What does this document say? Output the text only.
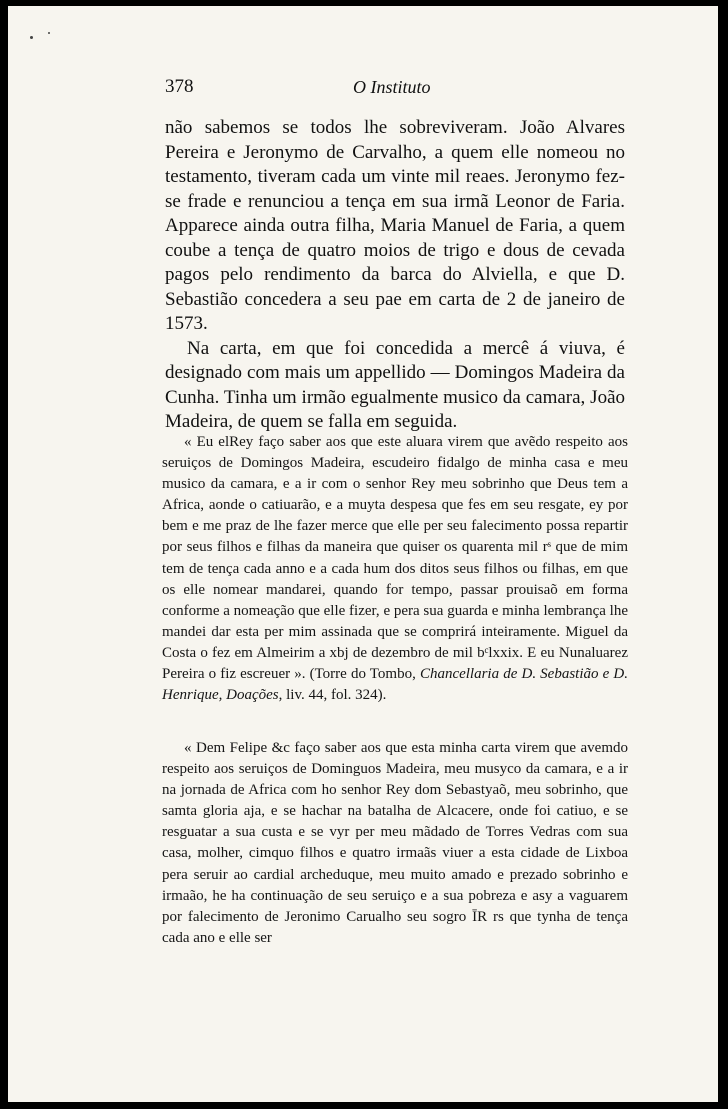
378	O Instituto

não sabemos se todos lhe sobreviveram. João Alvares Pereira e Jeronymo de Carvalho, a quem elle nomeou no testamento, tiveram cada um vinte mil reaes. Jeronymo fez-se frade e renunciou a tença em sua irmã Leonor de Faria. Apparece ainda outra filha, Maria Manuel de Faria, a quem coube a tença de quatro moios de trigo e dous de cevada pagos pelo rendimento da barca do Alviella, e que D. Sebastião concedera a seu pae em carta de 2 de janeiro de 1573.

Na carta, em que foi concedida a mercê á viuva, é designado com mais um appellido — Domingos Madeira da Cunha. Tinha um irmão egualmente musico da camara, João Madeira, de quem se falla em seguida.

« Eu elRey faço saber aos que este aluara virem que avẽdo respeito aos seruiços de Domingos Madeira, escudeiro fidalgo de minha casa e meu musico da camara, e a ir com o senhor Rey meu sobrinho que Deus tem a Africa, aonde o catiuarão, e a muyta despesa que fes em seu resgate, ey por bem e me praz de lhe fazer merce que elle per seu falecimento possa repartir por seus filhos e filhas da maneira que quiser os quarenta mil rˢ que de mim tem de tença cada anno e a cada hum dos ditos seus filhos ou filhas, em que os elle nomear mandarei, quando for tempo, passar prouisaõ em forma conforme a nomeação que elle fizer, e pera sua guarda e minha lembrança lhe mandei dar esta per mim assinada que se comprirá inteiramente. Miguel da Costa o fez em Almeirim a xbj de dezembro de mil bᶜlxxix. E eu Nunaluarez Pereira o fiz escreuer ». (Torre do Tombo, Chancellaria de D. Sebastião e D. Henrique, Doações, liv. 44, fol. 324).

« Dem Felipe &c faço saber aos que esta minha carta virem que avemdo respeito aos seruiços de Dominguos Madeira, meu musyco da camara, e a ir na jornada de Africa com ho senhor Rey dom Sebastyaõ, meu sobrinho, que samta gloria aja, e se hachar na batalha de Alcacere, onde foi catiuo, e se resguatar a sua custa e se vyr per meu mãdado de Torres Vedras com sua casa, molher, cimquo filhos e quatro irmaãs viuer a esta cidade de Lixboa pera seruir ao cardial archeduque, meu muito amado e prezado sobrinho e irmaão, he ha continuação de seu seruiço e a sua pobreza e asy a vaguarem por falecimento de Jeronimo Carualho seu sogro ĪR rs que tynha de tença cada ano e elle ser
